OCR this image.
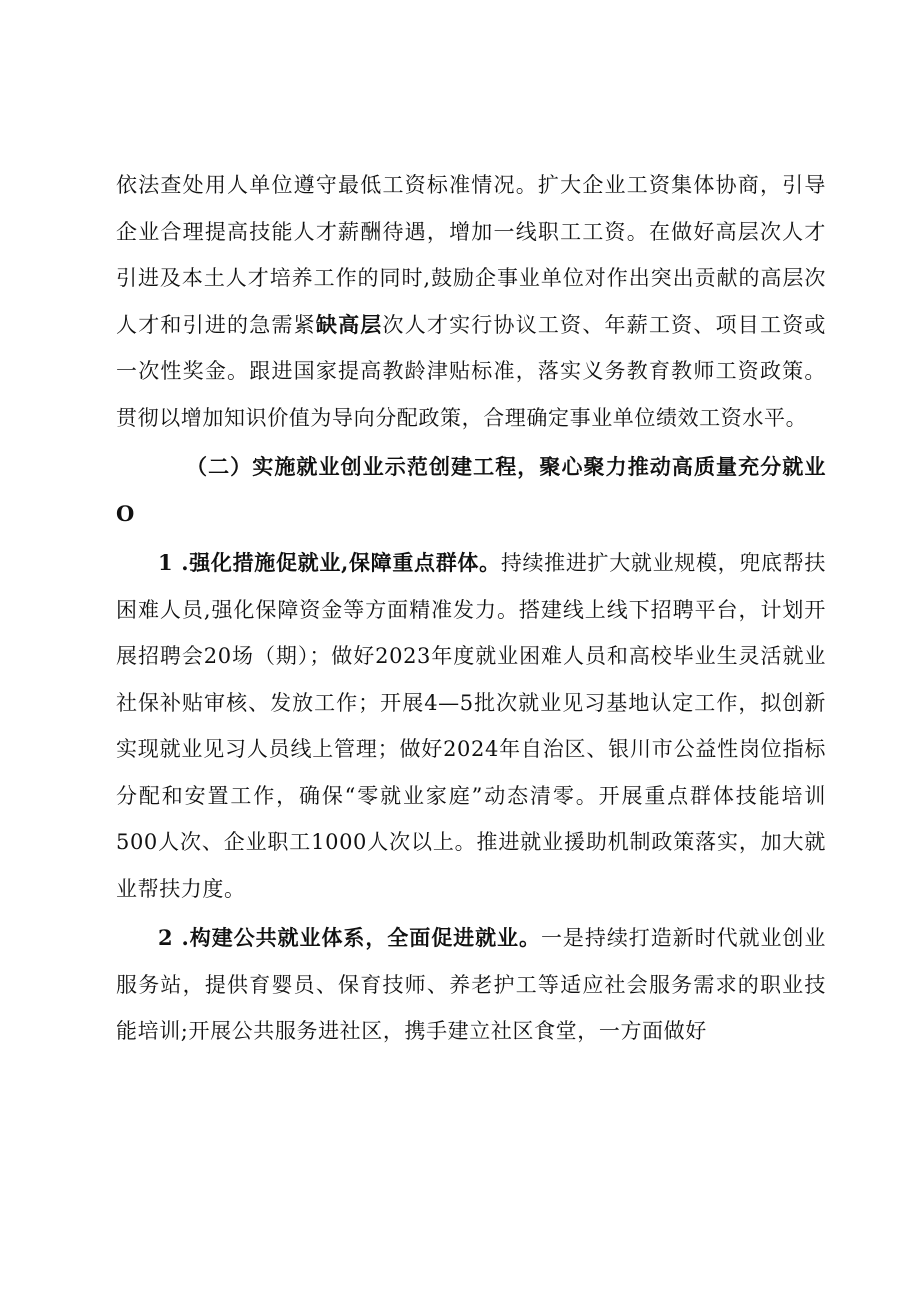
依法查处用人单位遵守最低工资标准情况。扩大企业工资集体协商，引导企业合理提高技能人才薪酬待遇，增加一线职工工资。在做好高层次人才引进及本土人才培养工作的同时,鼓励企事业单位对作出突出贡献的高层次人才和引进的急需紧缺高层次人才实行协议工资、年薪工资、项目工资或一次性奖金。跟进国家提高教龄津贴标准，落实义务教育教师工资政策。贯彻以增加知识价值为导向分配政策，合理确定事业单位绩效工资水平。

（二）实施就业创业示范创建工程，聚心聚力推动高质量充分就业O

1 .强化措施促就业,保障重点群体。持续推进扩大就业规模，兜底帮扶困难人员,强化保障资金等方面精准发力。搭建线上线下招聘平台，计划开展招聘会20场（期）；做好2023年度就业困难人员和高校毕业生灵活就业社保补贴审核、发放工作；开展4—5批次就业见习基地认定工作，拟创新实现就业见习人员线上管理；做好2024年自治区、银川市公益性岗位指标分配和安置工作，确保“零就业家庭”动态清零。开展重点群体技能培训500人次、企业职工1000人次以上。推进就业援助机制政策落实，加大就业帮扶力度。

2 .构建公共就业体系，全面促进就业。一是持续打造新时代就业创业服务站，提供育婴员、保育技师、养老护工等适应社会服务需求的职业技能培训;开展公共服务进社区，携手建立社区食堂，一方面做好
